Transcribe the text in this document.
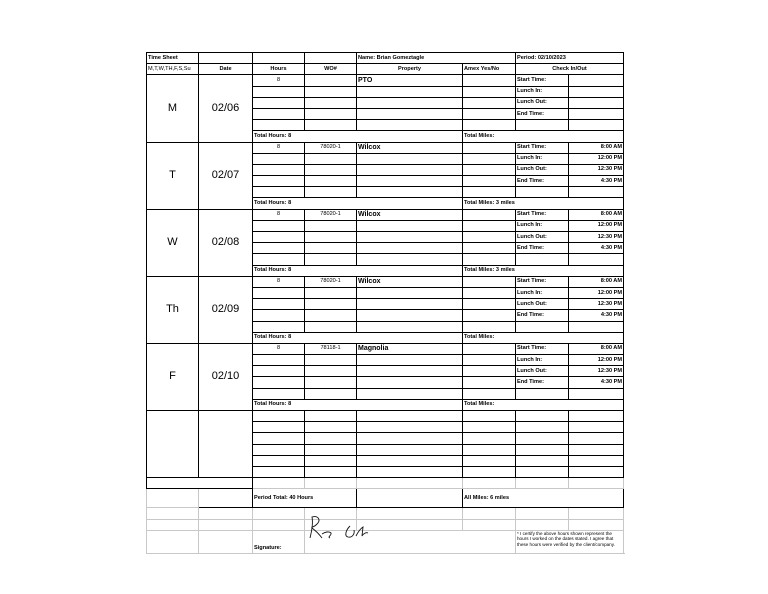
Time Sheet				Name: Brian Gomeztagle		Period: 02/10/2023	
M,T,W,TH,F,S,Su	Date	Hours	WO#	Property	Amex Yes/No	Check In/Out	
M	02/06	8		PTO		Start Time:	
						Lunch In:	
						Lunch Out:	
						End Time:	

		Total Hours: 8			Total Miles:		
T	02/07	8	78020-1	Wilcox		Start Time:	8:00 AM
						Lunch In:	12:00 PM
						Lunch Out:	12:30 PM
						End Time:	4:30 PM

		Total Hours: 8			Total Miles: 3 miles		
W	02/08	8	78020-1	Wilcox		Start Time:	8:00 AM
						Lunch In:	12:00 PM
						Lunch Out:	12:30 PM
						End Time:	4:30 PM

		Total Hours: 8			Total Miles: 3 miles		
Th	02/09	8	78020-1	Wilcox		Start Time:	8:00 AM
						Lunch In:	12:00 PM
						Lunch Out:	12:30 PM
						End Time:	4:30 PM

		Total Hours: 8			Total Miles:		
F	02/10	8	78118-1	Magnolia		Start Time:	8:00 AM
						Lunch In:	12:00 PM
						Lunch Out:	12:30 PM
						End Time:	4:30 PM

		Total Hours: 8			Total Miles:		

		Period Total: 40 Hours			All Miles: 6 miles		

		Signature:				* I certify the above hours shown represent the hours I worked on the dates stated. I agree that these hours were verified by the client/company.	
